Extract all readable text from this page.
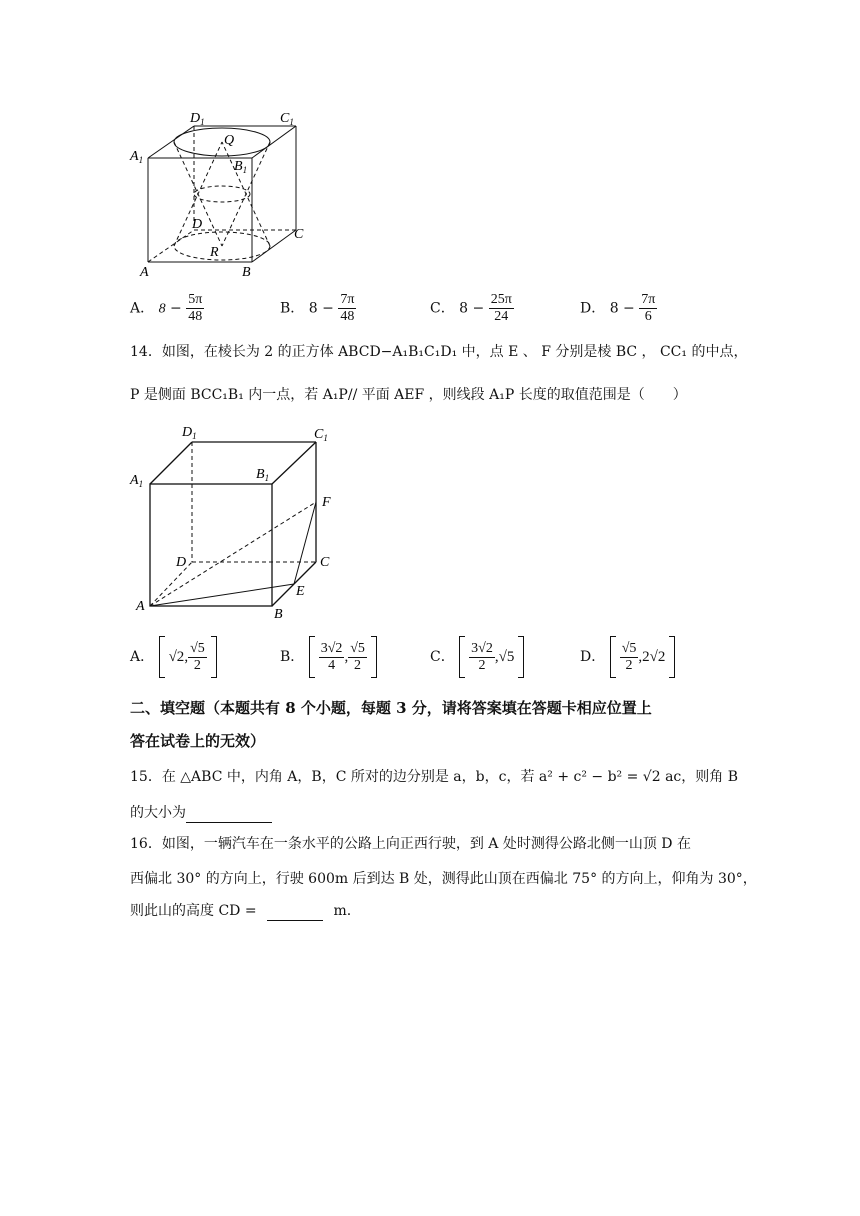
$D_1$	$C_1$
$A_1$	$B_1$
Q
D
C
R
A	B
A． $8 - \frac{5\pi}{48}$	B． $8 - \frac{7\pi}{48}$	C． $8 - \frac{25\pi}{24}$	D． $8 - \frac{7\pi}{6}$
14．如图，在棱长为 2 的正方体 ABCD−A₁B₁C₁D₁ 中，点 E 、 F 分别是棱 BC ， CC₁ 的中点，
P 是侧面 BCC₁B₁ 内一点，若 A₁P// 平面 AEF ，则线段 A₁P 长度的取值范围是（　　）
$D_1$	$C_1$
$A_1$
$B_1$
F
D	C
E
A
B
A． √2, $\frac{√5}{2}$	B． $\frac{3√2}{4}$ , $\frac{√5}{2}$	C． $\frac{3√2}{2} ,√5$	D． $\frac{√5}{2} ,2√2$
二、填空题（本题共有 8 个小题，每题 3 分，请将答案填在答题卡相应位置上
答在试卷上的无效）
15．在 △ABC 中，内角 A，B，C 所对的边分别是 a，b，c，若 a² + c² − b² = √2 ac，则角 B
的大小为
16．如图，一辆汽车在一条水平的公路上向正西行驶，到 A 处时测得公路北侧一山顶 D 在
西偏北 30° 的方向上，行驶 600m 后到达 B 处，测得此山顶在西偏北 75° 的方向上，仰角为 30°，
则此山的高度 CD =	m.
